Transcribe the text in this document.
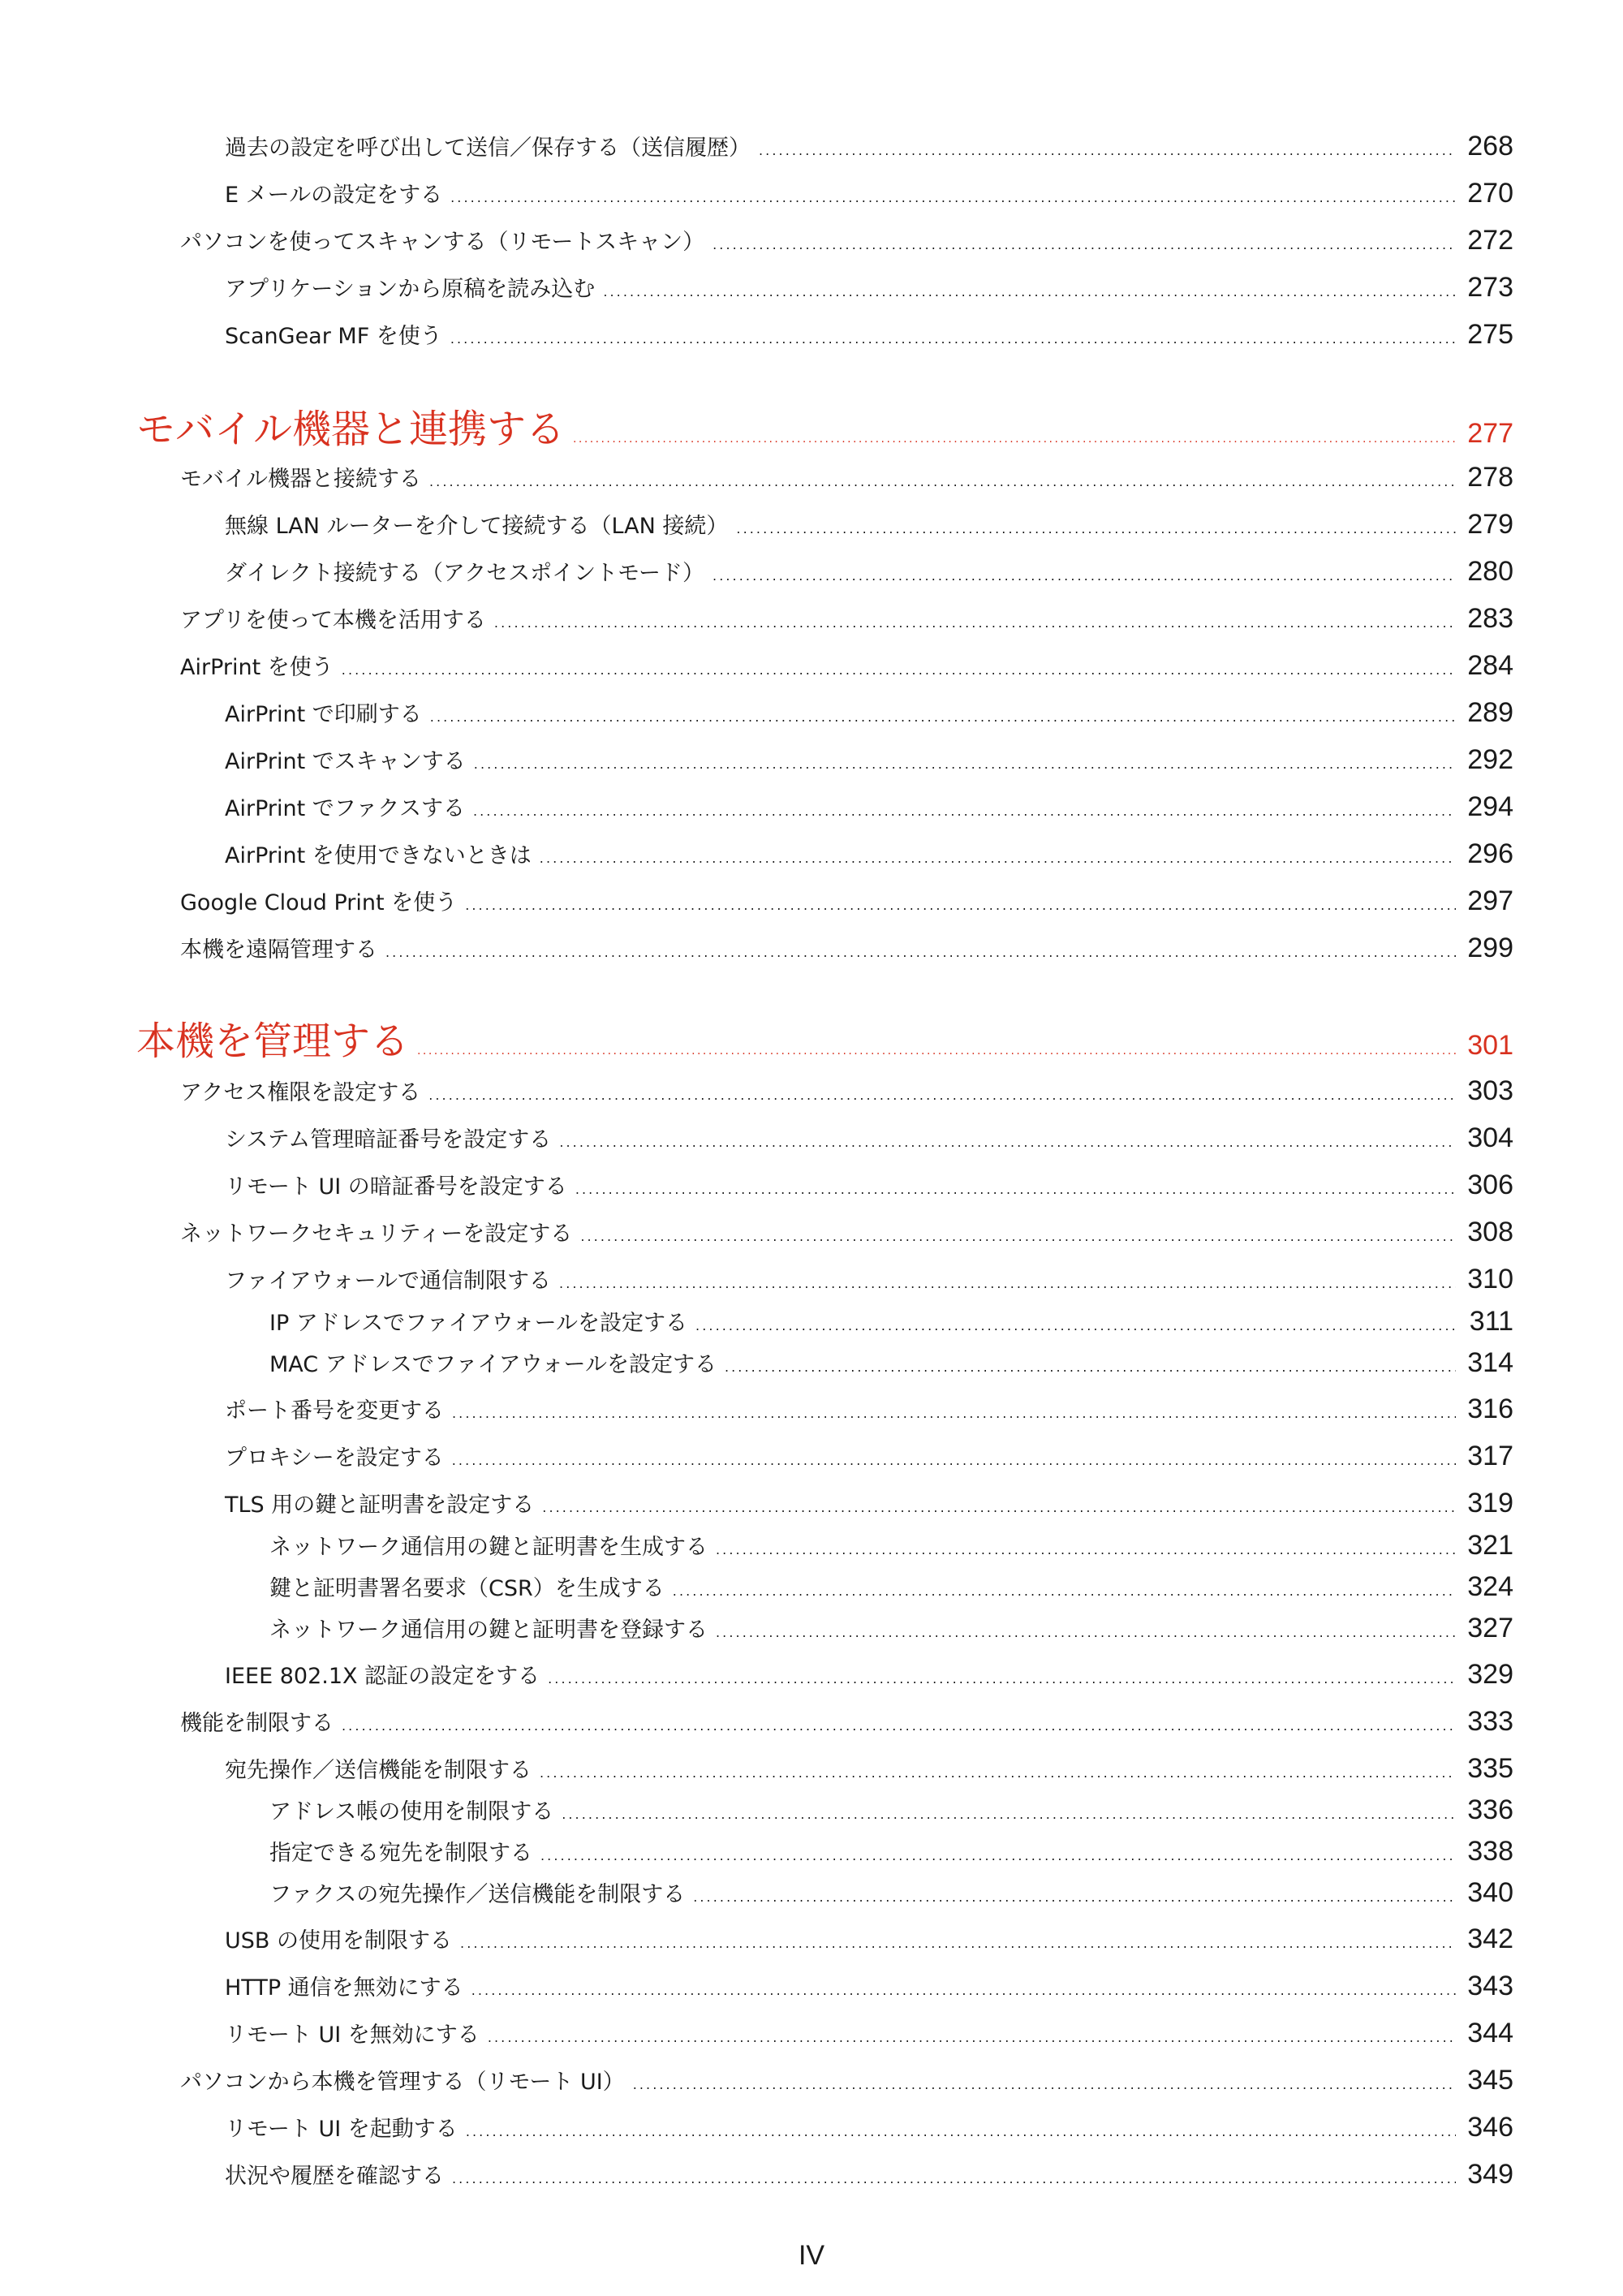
過去の設定を呼び出して送信／保存する（送信履歴） . . .	268
E メールの設定をする . . .	270
パソコンを使ってスキャンする（リモートスキャン） . . .	272
アプリケーションから原稿を読み込む . . .	273
ScanGear MF を使う . . .	275
モバイル機器と連携する . . .	277
モバイル機器と接続する . . .	278
無線 LAN ルーターを介して接続する（LAN 接続） . . .	279
ダイレクト接続する（アクセスポイントモード） . . .	280
アプリを使って本機を活用する . . .	283
AirPrint を使う . . .	284
AirPrint で印刷する . . .	289
AirPrint でスキャンする . . .	292
AirPrint でファクスする . . .	294
AirPrint を使用できないときは . . .	296
Google Cloud Print を使う . . .	297
本機を遠隔管理する . . .	299
本機を管理する . . .	301
アクセス権限を設定する . . .	303
システム管理暗証番号を設定する . . .	304
リモート UI の暗証番号を設定する . . .	306
ネットワークセキュリティーを設定する . . .	308
ファイアウォールで通信制限する . . .	310
IP アドレスでファイアウォールを設定する . . .	311
MAC アドレスでファイアウォールを設定する . . .	314
ポート番号を変更する . . .	316
プロキシーを設定する . . .	317
TLS 用の鍵と証明書を設定する . . .	319
ネットワーク通信用の鍵と証明書を生成する . . .	321
鍵と証明書署名要求（CSR）を生成する . . .	324
ネットワーク通信用の鍵と証明書を登録する . . .	327
IEEE 802.1X 認証の設定をする . . .	329
機能を制限する . . .	333
宛先操作／送信機能を制限する . . .	335
アドレス帳の使用を制限する . . .	336
指定できる宛先を制限する . . .	338
ファクスの宛先操作／送信機能を制限する . . .	340
USB の使用を制限する . . .	342
HTTP 通信を無効にする . . .	343
リモート UI を無効にする . . .	344
パソコンから本機を管理する（リモート UI） . . .	345
リモート UI を起動する . . .	346
状況や履歴を確認する . . .	349
IV
